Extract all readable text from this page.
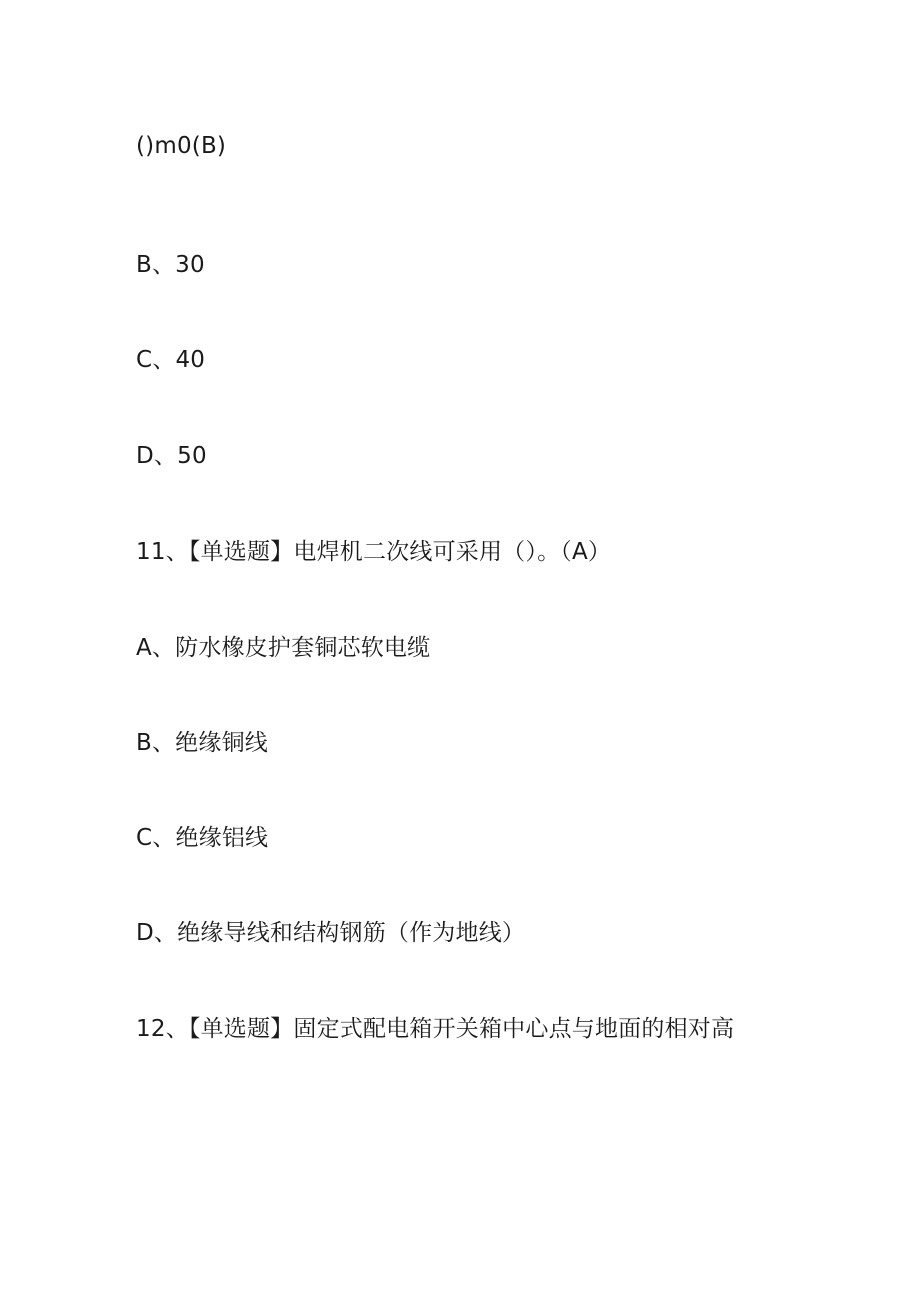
()m0(B)
B、30
C、40
D、50
11、【单选题】电焊机二次线可采用（）。（A）
A、防水橡皮护套铜芯软电缆
B、绝缘铜线
C、绝缘铝线
D、绝缘导线和结构钢筋（作为地线）
12、【单选题】固定式配电箱开关箱中心点与地面的相对高
